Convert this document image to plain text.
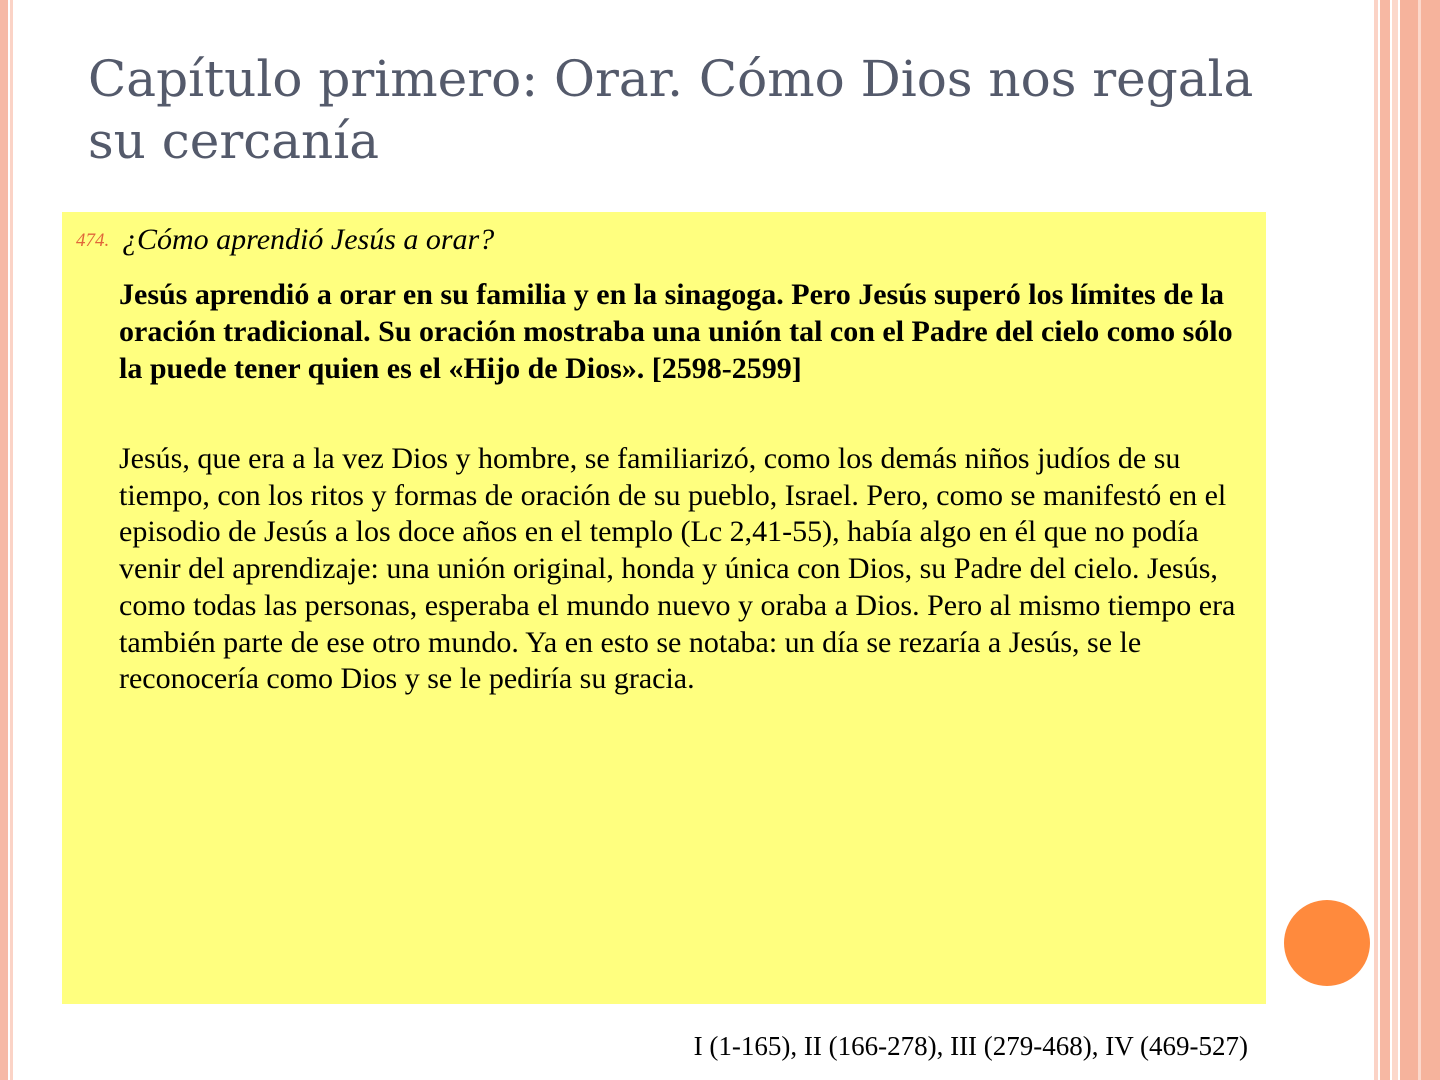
Capítulo primero: Orar. Cómo Dios nos regala su cercanía
474. ¿Cómo aprendió Jesús a orar?

Jesús aprendió a orar en su familia y en la sinagoga. Pero Jesús superó los límites de la oración tradicional. Su oración mostraba una unión tal con el Padre del cielo como sólo la puede tener quien es el «Hijo de Dios». [2598-2599]

Jesús, que era a la vez Dios y hombre, se familiarizó, como los demás niños judíos de su tiempo, con los ritos y formas de oración de su pueblo, Israel. Pero, como se manifestó en el episodio de Jesús a los doce años en el templo (Lc 2,41-55), había algo en él que no podía venir del aprendizaje: una unión original, honda y única con Dios, su Padre del cielo. Jesús, como todas las personas, esperaba el mundo nuevo y oraba a Dios. Pero al mismo tiempo era también parte de ese otro mundo. Ya en esto se notaba: un día se rezaría a Jesús, se le reconocería como Dios y se le pediría su gracia.

I (1-165), II (166-278), III (279-468), IV (469-527)
